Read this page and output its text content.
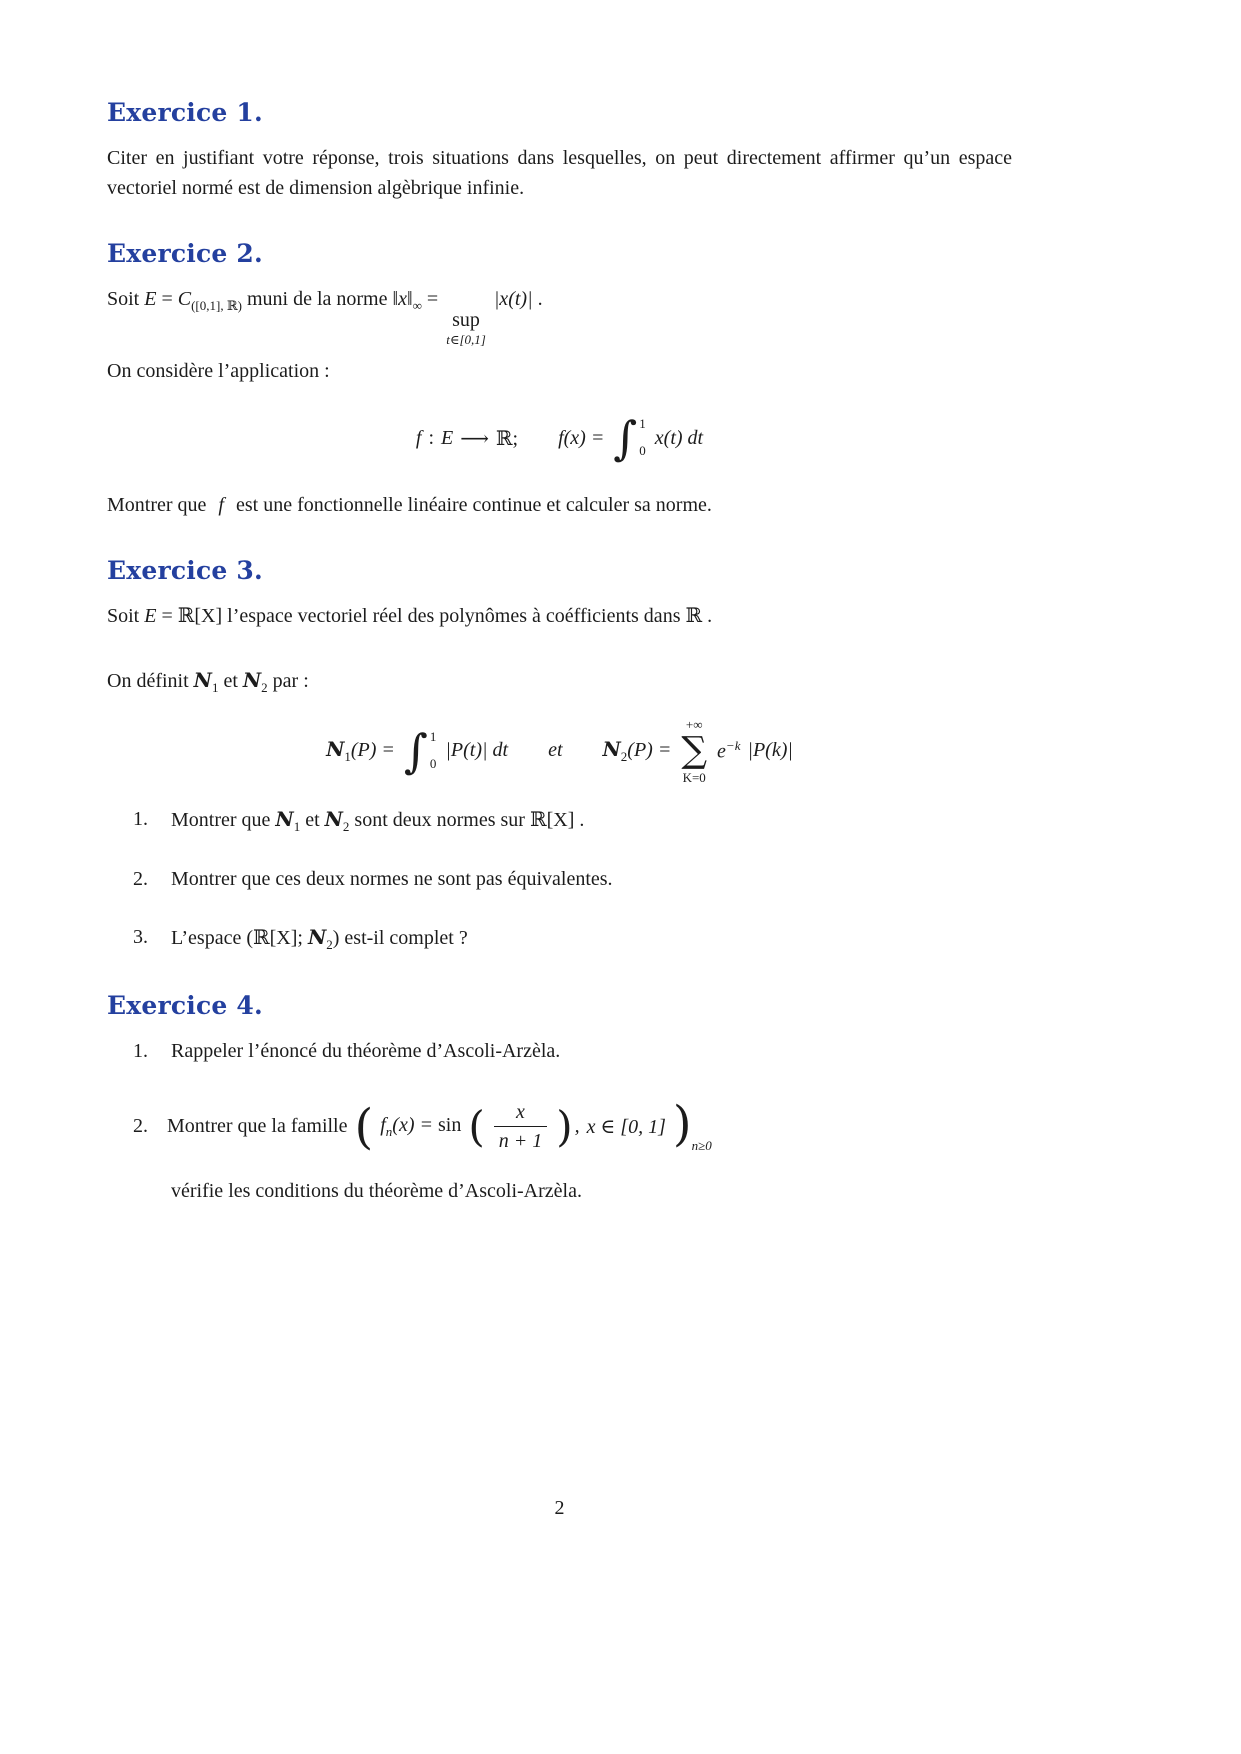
Exercice 1.

Citer en justifiant votre réponse, trois situations dans lesquelles, on peut directement affirmer qu’un espace vectoriel normé est de dimension algèbrique infinie.

Exercice 2.

Soit $E = C_{([0,1], ℝ)}$ muni de la norme $‖x‖_\infty$ =
sup
t∈[0,1]
|x(t)| .

On considère l’application :

f : E ⟶ ℝ; f(x) = ∫ 1
0
x(t) dt

Montrer que f est une fonctionnelle linéaire continue et calculer sa norme.

Exercice 3.

Soit E = ℝ[X] l’espace vectoriel réel des polynômes à coéfficients dans ℝ .

On définit $N_1$ et $N_2$ par :

$N_1(P)$ = ∫ 1
0
|P(t)| dt et $N_2(P)$ =
+∞
∑
K=0
$e^{-k}$ |P(k)|
1. Montrer que $N_1$ et $N_2$ sont deux normes sur ℝ[X] .
2. Montrer que ces deux normes ne sont pas équivalentes.
3. L’espace (ℝ[X]; $N_2$) est-il complet ?
Exercice 4.
1. Rappeler l’énoncé du théorème d’Ascoli-Arzèla.
2. Montrer que la famille ( $f_n(x) = \sin$ ( $\frac{x}{n + 1}$ ) , x ∈ [0, 1] )$_{n\ge 0}$

vérifie les conditions du théorème d’Ascoli-Arzèla.

2
